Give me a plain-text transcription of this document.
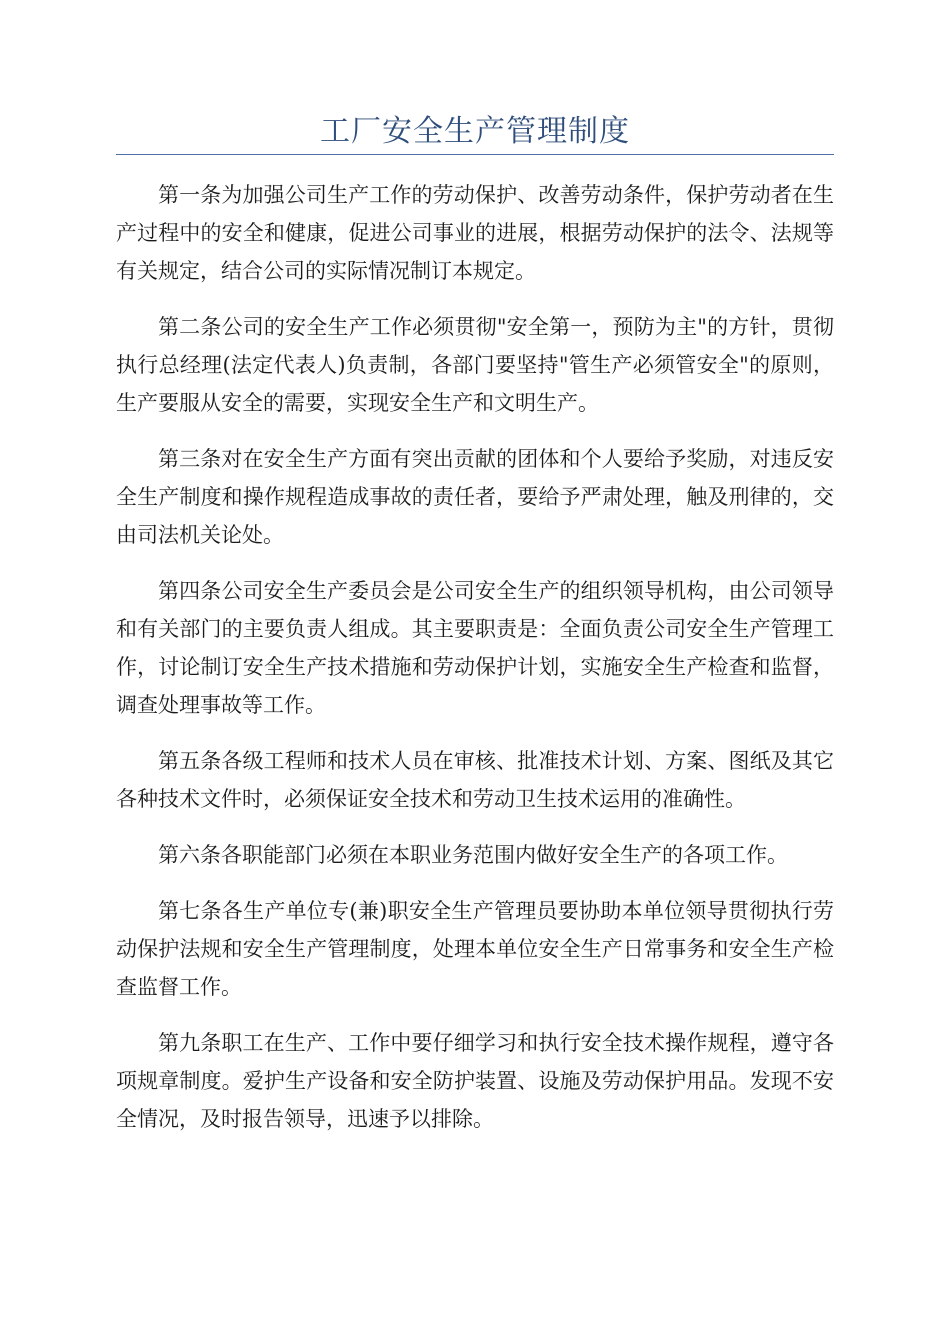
工厂安全生产管理制度

第一条为加强公司生产工作的劳动保护、改善劳动条件，保护劳动者在生产过程中的安全和健康，促进公司事业的进展，根据劳动保护的法令、法规等有关规定，结合公司的实际情况制订本规定。

第二条公司的安全生产工作必须贯彻"安全第一，预防为主"的方针，贯彻执行总经理(法定代表人)负责制，各部门要坚持"管生产必须管安全"的原则，生产要服从安全的需要，实现安全生产和文明生产。

第三条对在安全生产方面有突出贡献的团体和个人要给予奖励，对违反安全生产制度和操作规程造成事故的责任者，要给予严肃处理，触及刑律的，交由司法机关论处。

第四条公司安全生产委员会是公司安全生产的组织领导机构，由公司领导和有关部门的主要负责人组成。其主要职责是：全面负责公司安全生产管理工作，讨论制订安全生产技术措施和劳动保护计划，实施安全生产检查和监督，调查处理事故等工作。

第五条各级工程师和技术人员在审核、批准技术计划、方案、图纸及其它各种技术文件时，必须保证安全技术和劳动卫生技术运用的准确性。

第六条各职能部门必须在本职业务范围内做好安全生产的各项工作。

第七条各生产单位专(兼)职安全生产管理员要协助本单位领导贯彻执行劳动保护法规和安全生产管理制度，处理本单位安全生产日常事务和安全生产检查监督工作。

第九条职工在生产、工作中要仔细学习和执行安全技术操作规程，遵守各项规章制度。爱护生产设备和安全防护装置、设施及劳动保护用品。发现不安全情况，及时报告领导，迅速予以排除。
